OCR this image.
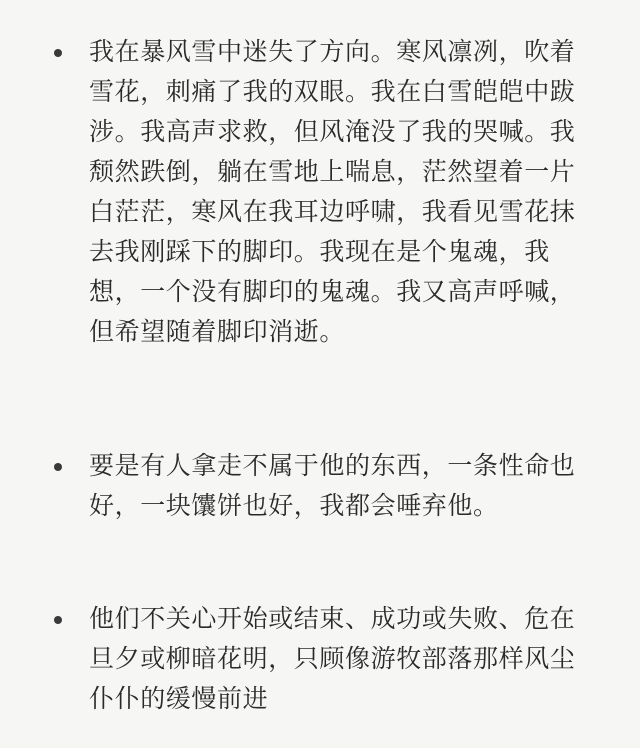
我在暴风雪中迷失了方向。寒风凛冽，吹着雪花，刺痛了我的双眼。我在白雪皑皑中跋涉。我高声求救，但风淹没了我的哭喊。我颓然跌倒，躺在雪地上喘息，茫然望着一片白茫茫，寒风在我耳边呼啸，我看见雪花抹去我刚踩下的脚印。我现在是个鬼魂，我想，一个没有脚印的鬼魂。我又高声呼喊，但希望随着脚印消逝。
要是有人拿走不属于他的东西，一条性命也好，一块馕饼也好，我都会唾弃他。
他们不关心开始或结束、成功或失败、危在旦夕或柳暗花明，只顾像游牧部落那样风尘仆仆的缓慢前进
